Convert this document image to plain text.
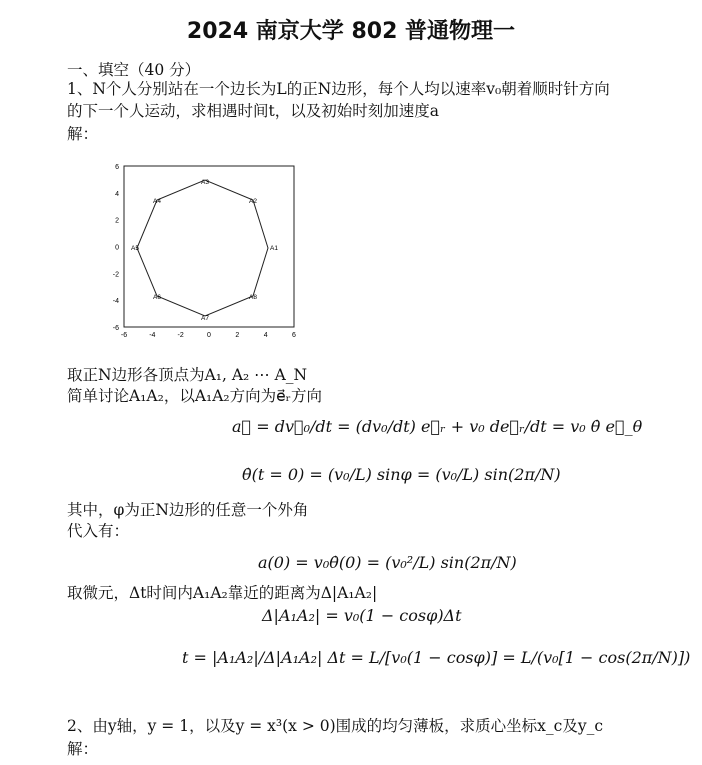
2024 南京大学 802 普通物理一
一、填空（40 分）
1、N个人分别站在一个边长为L的正N边形，每个人均以速率v₀朝着顺时针方向
的下一个人运动，求相遇时间t，以及初始时刻加速度a
解：
-6	-4	-2	0	2	4	6
6
4
2
0
-2
-4
-6
A1
A2
A3
A4
A5
A6
A7
A8
取正N边形各顶点为A₁, A₂ ⋯ A_N
简单讨论A₁A₂，以A₁A₂方向为e⃗ᵣ方向
a⃗ = dv⃗₀/dt = (dv₀/dt) e⃗ᵣ + v₀ de⃗ᵣ/dt = v₀ θ̇ e⃗_θ
θ̇(t = 0) = (v₀/L) sinφ = (v₀/L) sin(2π/N)
其中，φ为正N边形的任意一个外角
代入有：
a(0) = v₀θ̇(0) = (v₀²/L) sin(2π/N)
取微元，Δt时间内A₁A₂靠近的距离为Δ|A₁A₂|
Δ|A₁A₂| = v₀(1 − cosφ)Δt
t = |A₁A₂|/Δ|A₁A₂| Δt = L/[v₀(1 − cosφ)] = L/(v₀[1 − cos(2π/N)])
2、由y轴，y = 1，以及y = x³(x > 0)围成的均匀薄板，求质心坐标x_c及y_c
解：
